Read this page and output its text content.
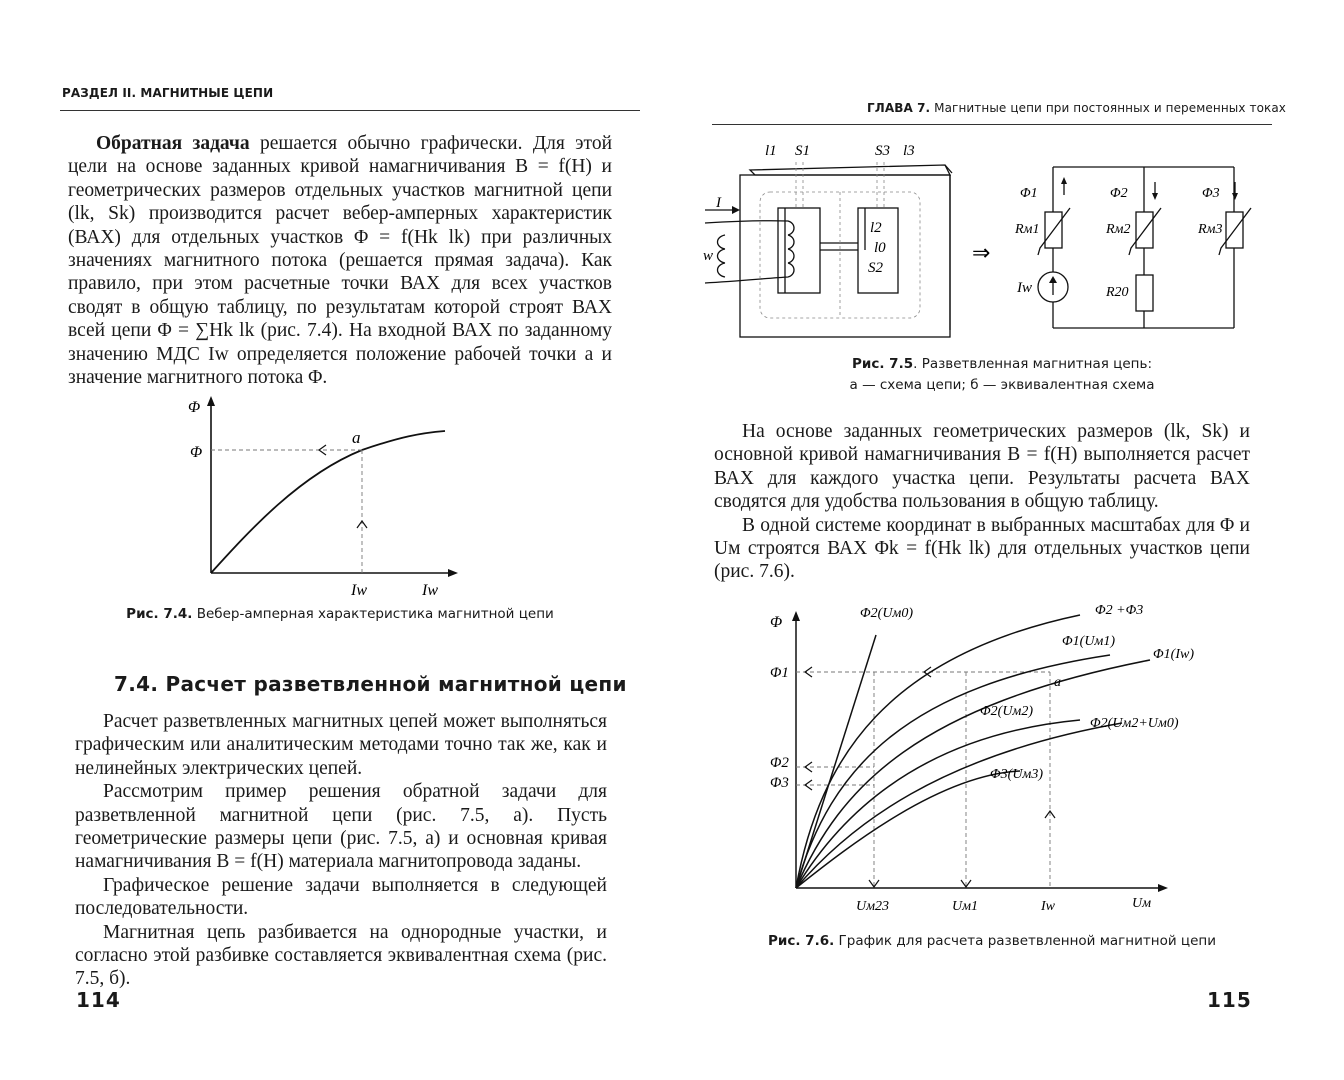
РАЗДЕЛ II. МАГНИТНЫЕ ЦЕПИ

Обратная задача решается обычно графически. Для этой цели на основе заданных кривой намагничивания B = f(H) и геометрических размеров отдельных участков магнитной цепи (lk, Sk) производится расчет вебер-амперных характеристик (ВАХ) для отдельных участков Φ = f(Hk lk) при различных значениях магнитного потока (решается прямая задача). Как правило, при этом расчетные точки ВАХ для всех участков сводят в общую таблицу, по результатам которой строят ВАХ всей цепи Φ = ∑Hk lk (рис. 7.4). На входной ВАХ по заданному значению МДС Iw определяется положение рабочей точки a и значение магнитного потока Φ.

Φ
Φ
a
Iw	Iw
Рис. 7.4. Вебер-амперная характеристика магнитной цепи
7.4. Расчет разветвленной магнитной цепи

Расчет разветвленных магнитных цепей может выполняться графическим или аналитическим методами точно так же, как и нелинейных электрических цепей.

Рассмотрим пример решения обратной задачи для разветвленной магнитной цепи (рис. 7.5, а). Пусть геометрические размеры цепи (рис. 7.5, а) и основная кривая намагничивания B = f(H) материала магнитопровода заданы.

Графическое решение задачи выполняется в следующей последовательности.

Магнитная цепь разбивается на однородные участки, и согласно этой разбивке составляется эквивалентная схема (рис. 7.5, б).

114
ГЛАВА 7. Магнитные цепи при постоянных и переменных токах
l1 S1	S3 l3
l2
l0
S2
I
w	⇒
Φ1	Φ2	Φ3
Rм1	Rм2	Rм3
Iw	R20
Рис. 7.5. Разветвленная магнитная цепь:
а — схема цепи; б — эквивалентная схема

На основе заданных геометрических размеров (lk, Sk) и основной кривой намагничивания B = f(H) выполняется расчет ВАХ для каждого участка цепи. Результаты расчета ВАХ сводятся для удобства пользования в общую таблицу.

В одной системе координат в выбранных масштабах для Φ и Uм строятся ВАХ Φk = f(Hk lk) для отдельных участков цепи (рис. 7.6).

Φ
Φ1
Φ2
Φ3
Uм23	Uм1	Iw	Uм
Φ2(Uм0)	Φ2 +Φ3
Φ1(Uм1)
Φ1(Iw)
Φ2(Uм2)
Φ2(Uм2+Uм0)
Φ3(Uм3)
a
Рис. 7.6. График для расчета разветвленной магнитной цепи
115
